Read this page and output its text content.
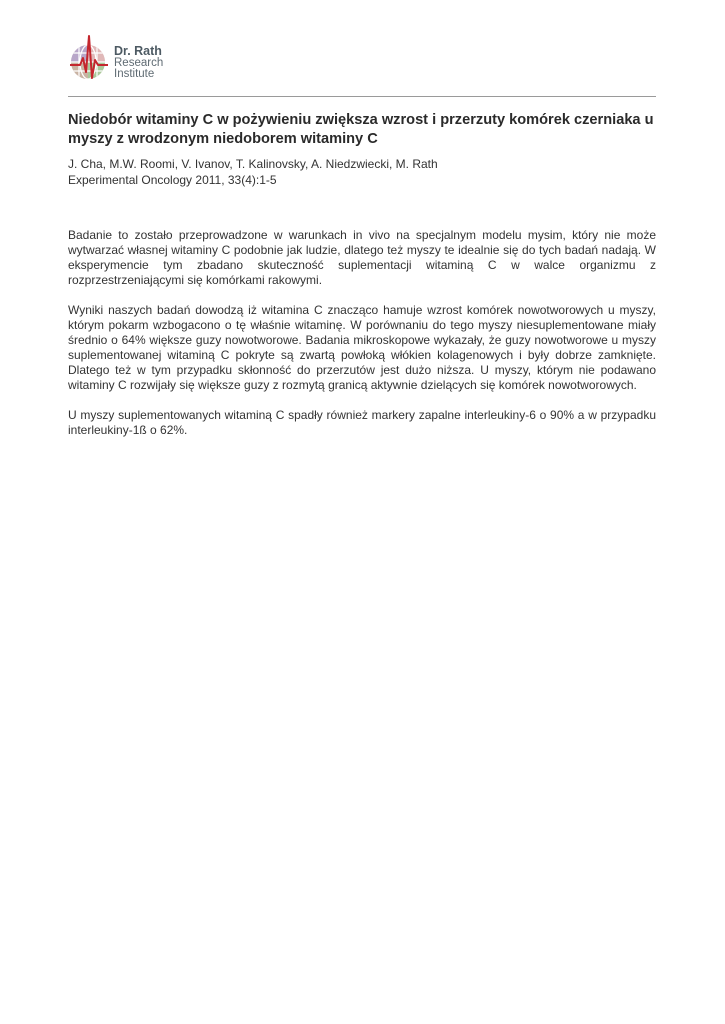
Dr. Rath
Research
Institute
Niedobór witaminy C w pożywieniu zwiększa wzrost i przerzuty komórek czerniaka u myszy z wrodzonym niedoborem witaminy C
J. Cha, M.W. Roomi, V. Ivanov, T. Kalinovsky, A. Niedzwiecki, M. Rath
Experimental Oncology 2011, 33(4):1-5

Badanie to zostało przeprowadzone w warunkach in vivo na specjalnym modelu mysim, który nie może wytwarzać własnej witaminy C podobnie jak ludzie, dlatego też myszy te idealnie się do tych badań nadają. W eksperymencie tym zbadano skuteczność suplementacji witaminą C w walce organizmu z rozprzestrzeniającymi się komórkami rakowymi.

Wyniki naszych badań dowodzą iż witamina C znacząco hamuje wzrost komórek nowotworowych u myszy, którym pokarm wzbogacono o tę właśnie witaminę. W porównaniu do tego myszy niesuplementowane miały średnio o 64% większe guzy nowotworowe. Badania mikroskopowe wykazały, że guzy nowotworowe u myszy suplementowanej witaminą C pokryte są zwartą powłoką włókien kolagenowych i były dobrze zamknięte. Dlatego też w tym przypadku skłonność do przerzutów jest dużo niższa. U myszy, którym nie podawano witaminy C rozwijały się większe guzy z rozmytą granicą aktywnie dzielących się komórek nowotworowych.

U myszy suplementowanych witaminą C spadły również markery zapalne interleukiny-6 o 90% a w przypadku interleukiny-1ß o 62%.
